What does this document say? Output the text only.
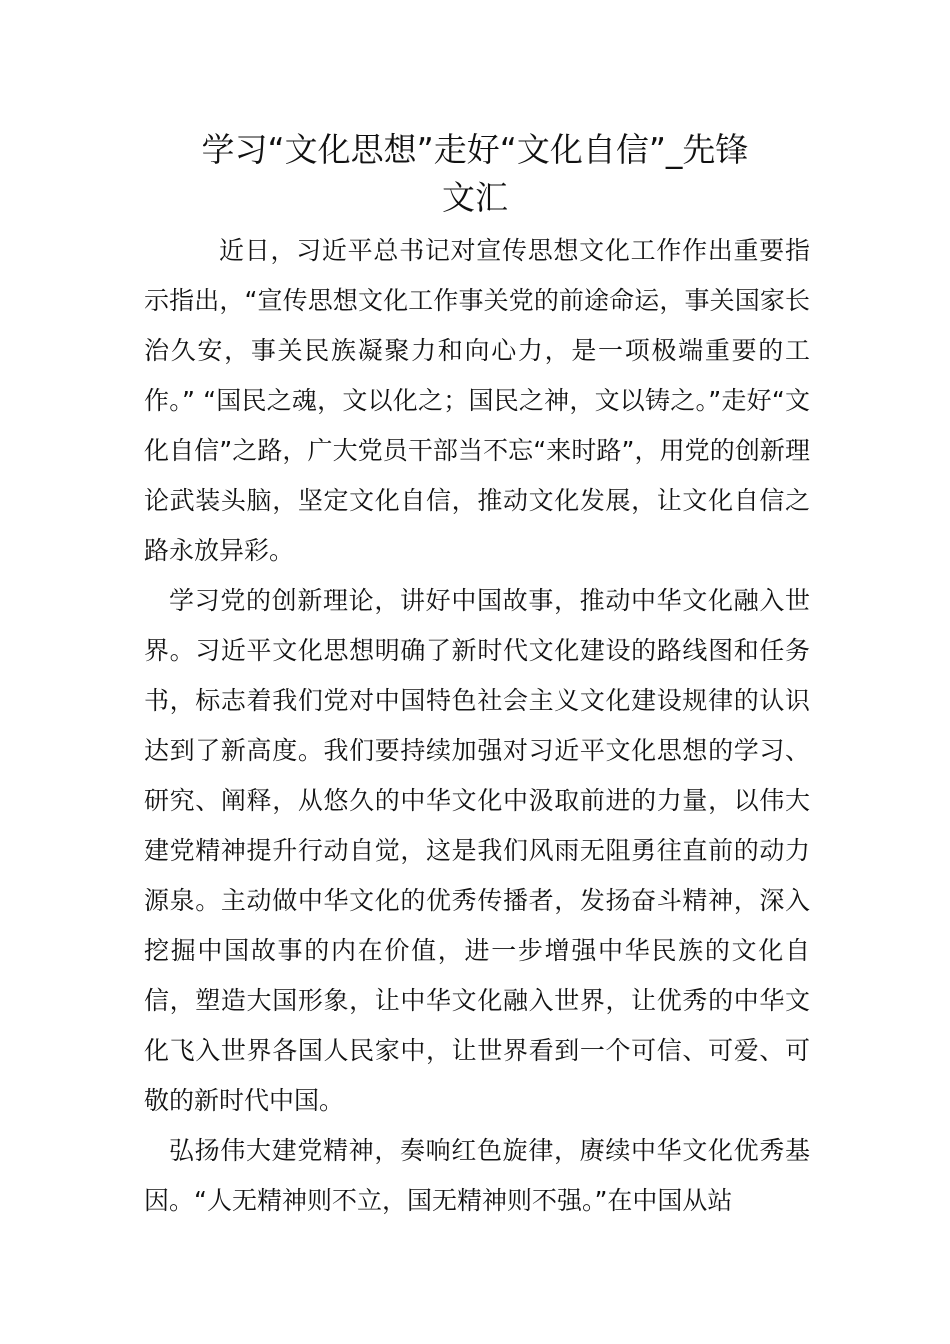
学习“文化思想”走好“文化自信”_先锋
文汇

近日，习近平总书记对宣传思想文化工作作出重要指示指出，“宣传思想文化工作事关党的前途命运，事关国家长治久安，事关民族凝聚力和向心力，是一项极端重要的工作。” “国民之魂，文以化之；国民之神，文以铸之。”走好“文化自信”之路，广大党员干部当不忘“来时路”，用党的创新理论武装头脑，坚定文化自信，推动文化发展，让文化自信之路永放异彩。

学习党的创新理论，讲好中国故事，推动中华文化融入世界。习近平文化思想明确了新时代文化建设的路线图和任务书，标志着我们党对中国特色社会主义文化建设规律的认识达到了新高度。我们要持续加强对习近平文化思想的学习、研究、阐释，从悠久的中华文化中汲取前进的力量，以伟大建党精神提升行动自觉，这是我们风雨无阻勇往直前的动力源泉。主动做中华文化的优秀传播者，发扬奋斗精神，深入挖掘中国故事的内在价值，进一步增强中华民族的文化自信，塑造大国形象，让中华文化融入世界，让优秀的中华文化飞入世界各国人民家中，让世界看到一个可信、可爱、可敬的新时代中国。

弘扬伟大建党精神，奏响红色旋律，赓续中华文化优秀基因。“人无精神则不立，国无精神则不强。”在中国从站
